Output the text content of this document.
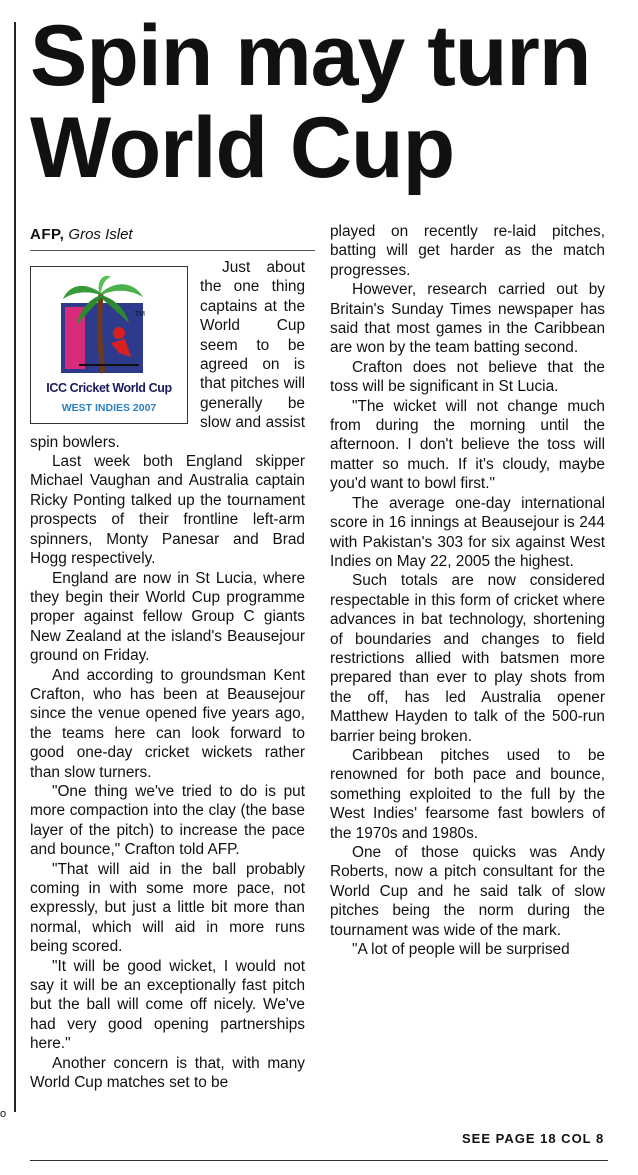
o
Spin may turn World Cup
AFP, Gros Islet
TM
ICC Cricket World Cup
WEST INDIES 2007

Just about the one thing captains at the World Cup seem to be agreed on is that pitches will generally be slow and assist spin bowlers.

Last week both England skipper Michael Vaughan and Australia captain Ricky Ponting talked up the tournament prospects of their frontline left-arm spinners, Monty Panesar and Brad Hogg respectively.

England are now in St Lucia, where they begin their World Cup programme proper against fellow Group C giants New Zealand at the island's Beausejour ground on Friday.

And according to groundsman Kent Crafton, who has been at Beausejour since the venue opened five years ago, the teams here can look forward to good one-day cricket wickets rather than slow turners.

"One thing we've tried to do is put more compaction into the clay (the base layer of the pitch) to increase the pace and bounce," Crafton told AFP.

"That will aid in the ball probably coming in with some more pace, not expressly, but just a little bit more than normal, which will aid in more runs being scored.

"It will be good wicket, I would not say it will be an exceptionally fast pitch but the ball will come off nicely. We've had very good opening partnerships here."

Another concern is that, with many World Cup matches set to be

played on recently re-laid pitches, batting will get harder as the match progresses.

However, research carried out by Britain's Sunday Times newspaper has said that most games in the Caribbean are won by the team batting second.

Crafton does not believe that the toss will be significant in St Lucia.

"The wicket will not change much from during the morning until the afternoon. I don't believe the toss will matter so much. If it's cloudy, maybe you'd want to bowl first."

The average one-day international score in 16 innings at Beausejour is 244 with Pakistan's 303 for six against West Indies on May 22, 2005 the highest.

Such totals are now considered respectable in this form of cricket where advances in bat technology, shortening of boundaries and changes to field restrictions allied with batsmen more prepared than ever to play shots from the off, has led Australia opener Matthew Hayden to talk of the 500-run barrier being broken.

Caribbean pitches used to be renowned for both pace and bounce, something exploited to the full by the West Indies' fearsome fast bowlers of the 1970s and 1980s.

One of those quicks was Andy Roberts, now a pitch consultant for the World Cup and he said talk of slow pitches being the norm during the tournament was wide of the mark.

"A lot of people will be surprised

SEE PAGE 18 COL 8
